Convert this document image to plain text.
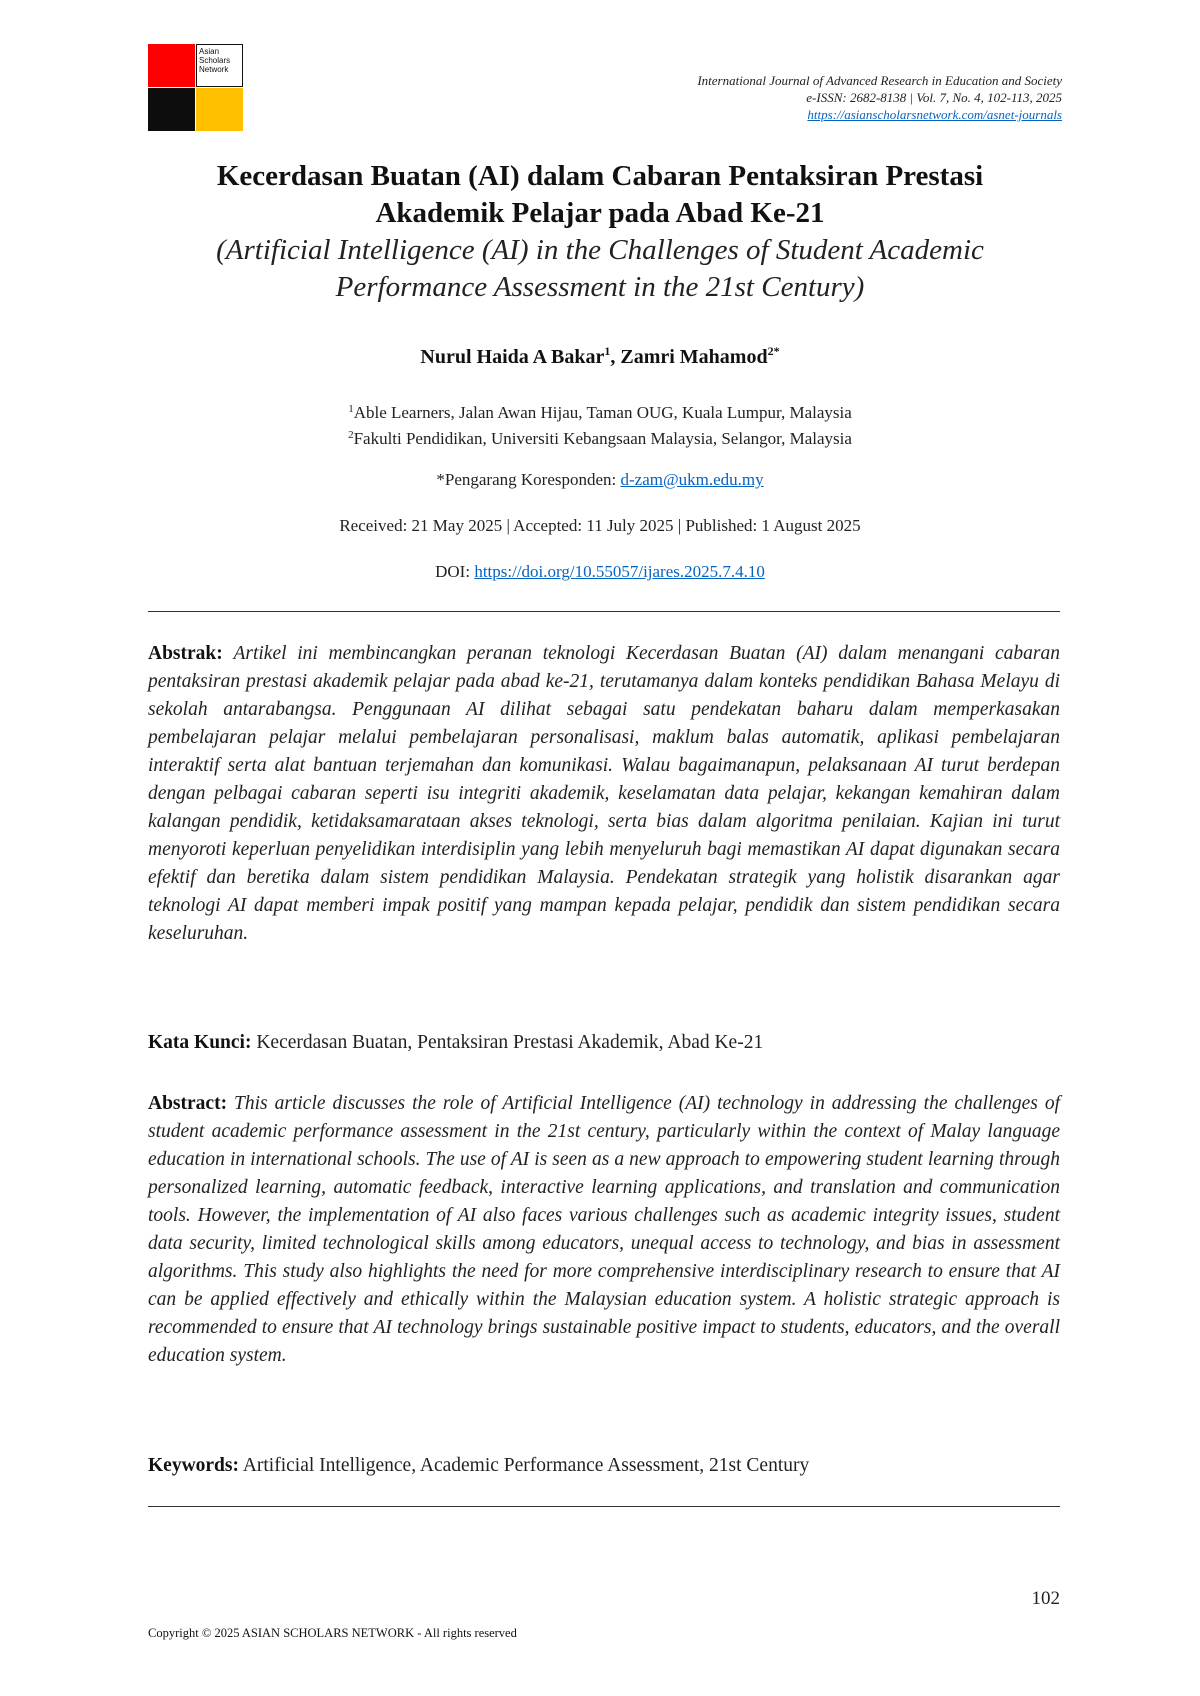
Asian
Scholars
Network
International Journal of Advanced Research in Education and Society
e-ISSN: 2682-8138 | Vol. 7, No. 4, 102-113, 2025
https://asianscholarsnetwork.com/asnet-journals
Kecerdasan Buatan (AI) dalam Cabaran Pentaksiran Prestasi
Akademik Pelajar pada Abad Ke-21
(Artificial Intelligence (AI) in the Challenges of Student Academic
Performance Assessment in the 21st Century)
Nurul Haida A Bakar$^1$, Zamri Mahamod$^{2*}$
$^1$Able Learners, Jalan Awan Hijau, Taman OUG, Kuala Lumpur, Malaysia
$^2$Fakulti Pendidikan, Universiti Kebangsaan Malaysia, Selangor, Malaysia
*Pengarang Koresponden: d-zam@ukm.edu.my
Received: 21 May 2025 | Accepted: 11 July 2025 | Published: 1 August 2025
DOI: https://doi.org/10.55057/ijares.2025.7.4.10
Abstrak: Artikel ini membincangkan peranan teknologi Kecerdasan Buatan (AI) dalam menangani cabaran pentaksiran prestasi akademik pelajar pada abad ke-21, terutamanya dalam konteks pendidikan Bahasa Melayu di sekolah antarabangsa. Penggunaan AI dilihat sebagai satu pendekatan baharu dalam memperkasakan pembelajaran pelajar melalui pembelajaran personalisasi, maklum balas automatik, aplikasi pembelajaran interaktif serta alat bantuan terjemahan dan komunikasi. Walau bagaimanapun, pelaksanaan AI turut berdepan dengan pelbagai cabaran seperti isu integriti akademik, keselamatan data pelajar, kekangan kemahiran dalam kalangan pendidik, ketidaksamarataan akses teknologi, serta bias dalam algoritma penilaian. Kajian ini turut menyoroti keperluan penyelidikan interdisiplin yang lebih menyeluruh bagi memastikan AI dapat digunakan secara efektif dan beretika dalam sistem pendidikan Malaysia. Pendekatan strategik yang holistik disarankan agar teknologi AI dapat memberi impak positif yang mampan kepada pelajar, pendidik dan sistem pendidikan secara keseluruhan.
Kata Kunci: Kecerdasan Buatan, Pentaksiran Prestasi Akademik, Abad Ke-21
Abstract: This article discusses the role of Artificial Intelligence (AI) technology in addressing the challenges of student academic performance assessment in the 21st century, particularly within the context of Malay language education in international schools. The use of AI is seen as a new approach to empowering student learning through personalized learning, automatic feedback, interactive learning applications, and translation and communication tools. However, the implementation of AI also faces various challenges such as academic integrity issues, student data security, limited technological skills among educators, unequal access to technology, and bias in assessment algorithms. This study also highlights the need for more comprehensive interdisciplinary research to ensure that AI can be applied effectively and ethically within the Malaysian education system. A holistic strategic approach is recommended to ensure that AI technology brings sustainable positive impact to students, educators, and the overall education system.
Keywords: Artificial Intelligence, Academic Performance Assessment, 21st Century
102
Copyright © 2025 ASIAN SCHOLARS NETWORK - All rights reserved
